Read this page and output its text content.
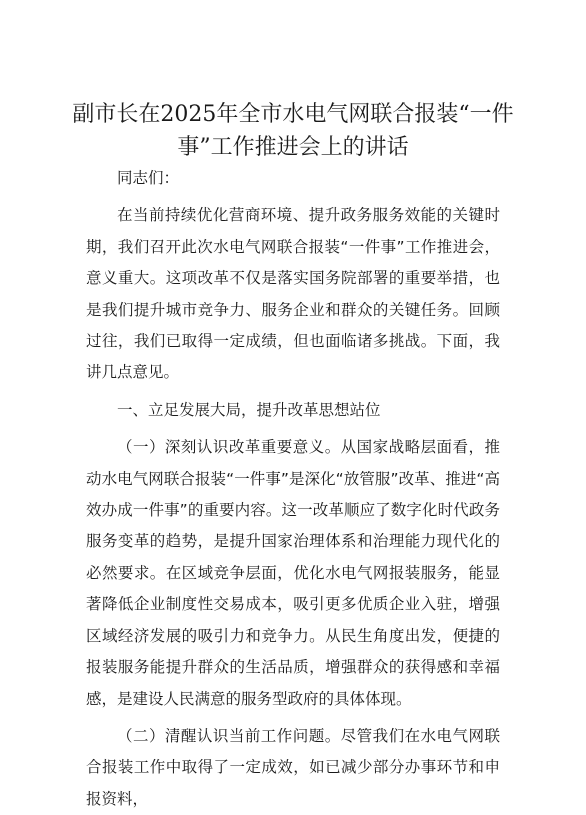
副市长在2025年全市水电气网联合报装“一件事”工作推进会上的讲话

同志们：

在当前持续优化营商环境、提升政务服务效能的关键时期，我们召开此次水电气网联合报装“一件事”工作推进会，意义重大。这项改革不仅是落实国务院部署的重要举措，也是我们提升城市竞争力、服务企业和群众的关键任务。回顾过往，我们已取得一定成绩，但也面临诸多挑战。下面，我讲几点意见。

一、立足发展大局，提升改革思想站位

（一）深刻认识改革重要意义。从国家战略层面看，推动水电气网联合报装“一件事”是深化“放管服”改革、推进“高效办成一件事”的重要内容。这一改革顺应了数字化时代政务服务变革的趋势，是提升国家治理体系和治理能力现代化的必然要求。在区域竞争层面，优化水电气网报装服务，能显著降低企业制度性交易成本，吸引更多优质企业入驻，增强区域经济发展的吸引力和竞争力。从民生角度出发，便捷的报装服务能提升群众的生活品质，增强群众的获得感和幸福感，是建设人民满意的服务型政府的具体体现。

（二）清醒认识当前工作问题。尽管我们在水电气网联合报装工作中取得了一定成效，如已减少部分办事环节和申报资料，
